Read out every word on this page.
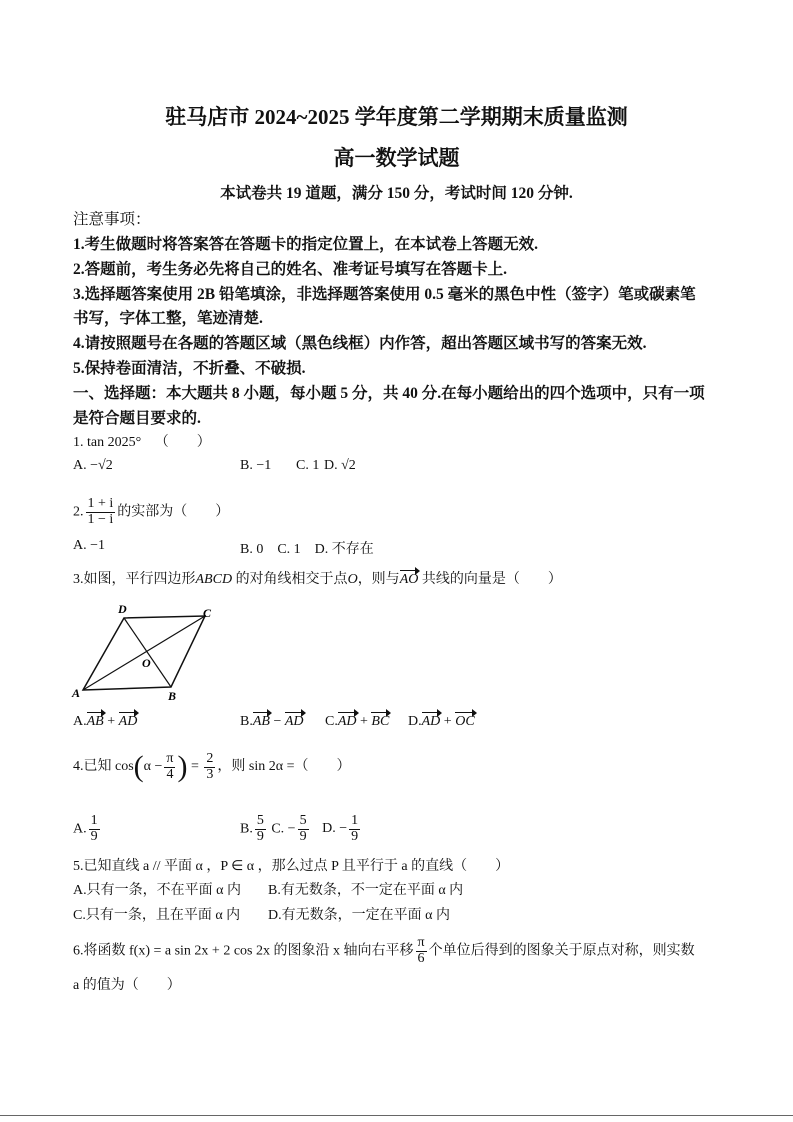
驻马店市 2024~2025 学年度第二学期期末质量监测
高一数学试题
本试卷共 19 道题，满分 150 分，考试时间 120 分钟.
注意事项：
1.考生做题时将答案答在答题卡的指定位置上，在本试卷上答题无效.
2.答题前，考生务必先将自己的姓名、准考证号填写在答题卡上.
3.选择题答案使用 2B 铅笔填涂，非选择题答案使用 0.5 毫米的黑色中性（签字）笔或碳素笔
书写，字体工整，笔迹清楚.
4.请按照题号在各题的答题区域（黑色线框）内作答，超出答题区域书写的答案无效.
5.保持卷面清洁，不折叠、不破损.
一、选择题：本大题共 8 小题，每小题 5 分，共 40 分.在每小题给出的四个选项中，只有一项
是符合题目要求的.
1. tan 2025° （　　）
A. −√2	B. −1 C. 1 D. √2
2. $\frac{1 + i}{1 - i}$ 的实部为（　　）
A. −1	B. 0　C. 1　D. 不存在
3.如图，平行四边形ABCD 的对角线相交于点O，则与AO 共线的向量是（　　）
A	B
C
D
O
A.AB + AD	B.AB − AD C.AD + BC D.AD + OC
4.已知 $\cos(\alpha - \frac{\pi}{4}$ ) = $\frac{2}{3}$ ，则 sin 2α =（　　）
A. $\frac{1}{9}$	B. $\frac{5}{9} C$. − $\frac{5}{9} D$. − $\frac{1}{9}$
5.已知直线 a // 平面 α ，P ∈ α ，那么过点 P 且平行于 a 的直线（　　）
A.只有一条，不在平面 α 内 B.有无数条，不一定在平面 α 内
C.只有一条，且在平面 α 内 D.有无数条，一定在平面 α 内
6.将函数 f(x) = a sin 2x + 2 cos 2x 的图象沿 x 轴向右平移 $\frac{\pi}{6}$ 个单位后得到的图象关于原点对称，则实数
a 的值为（　　）
